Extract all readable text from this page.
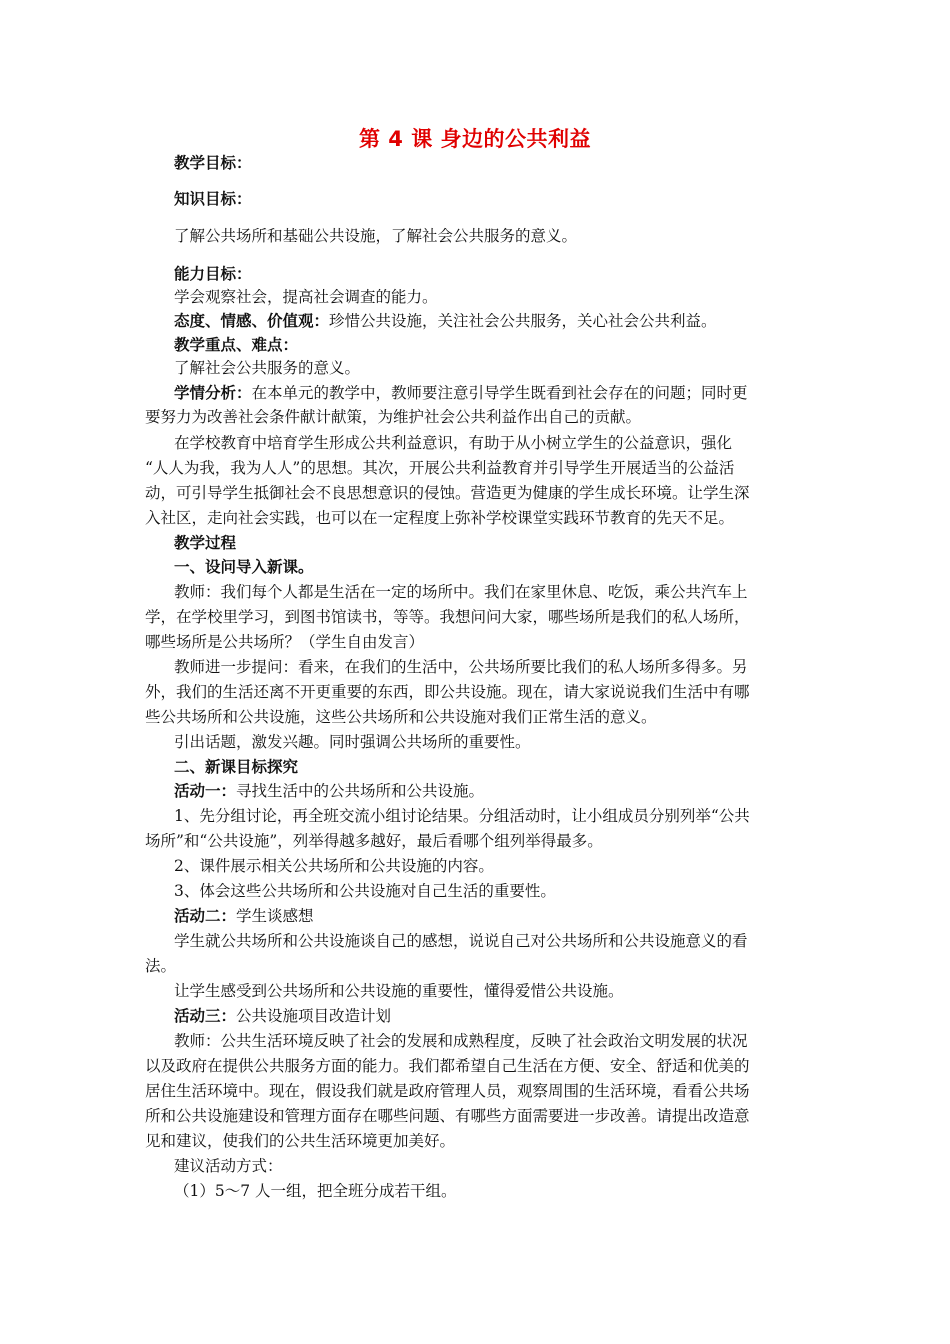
第 4 课 身边的公共利益
教学目标：
知识目标：
了解公共场所和基础公共设施，了解社会公共服务的意义。
能力目标：
学会观察社会，提高社会调查的能力。
态度、情感、价值观：珍惜公共设施，关注社会公共服务，关心社会公共利益。
教学重点、难点：
了解社会公共服务的意义。
学情分析：在本单元的教学中，教师要注意引导学生既看到社会存在的问题；同时更
要努力为改善社会条件献计献策，为维护社会公共利益作出自己的贡献。
在学校教育中培育学生形成公共利益意识，有助于从小树立学生的公益意识，强化
“人人为我，我为人人”的思想。其次，开展公共利益教育并引导学生开展适当的公益活
动，可引导学生抵御社会不良思想意识的侵蚀。营造更为健康的学生成长环境。让学生深
入社区，走向社会实践，也可以在一定程度上弥补学校课堂实践环节教育的先天不足。
教学过程
一、设问导入新课。
教师：我们每个人都是生活在一定的场所中。我们在家里休息、吃饭，乘公共汽车上
学，在学校里学习，到图书馆读书，等等。我想问问大家，哪些场所是我们的私人场所，
哪些场所是公共场所？（学生自由发言）
教师进一步提问：看来，在我们的生活中，公共场所要比我们的私人场所多得多。另
外，我们的生活还离不开更重要的东西，即公共设施。现在，请大家说说我们生活中有哪
些公共场所和公共设施，这些公共场所和公共设施对我们正常生活的意义。
引出话题，激发兴趣。同时强调公共场所的重要性。
二、新课目标探究
活动一：寻找生活中的公共场所和公共设施。
1、先分组讨论，再全班交流小组讨论结果。分组活动时，让小组成员分别列举“公共
场所”和“公共设施”，列举得越多越好，最后看哪个组列举得最多。
2、课件展示相关公共场所和公共设施的内容。
3、体会这些公共场所和公共设施对自己生活的重要性。
活动二：学生谈感想
学生就公共场所和公共设施谈自己的感想，说说自己对公共场所和公共设施意义的看
法。
让学生感受到公共场所和公共设施的重要性，懂得爱惜公共设施。
活动三：公共设施项目改造计划
教师：公共生活环境反映了社会的发展和成熟程度，反映了社会政治文明发展的状况
以及政府在提供公共服务方面的能力。我们都希望自己生活在方便、安全、舒适和优美的
居住生活环境中。现在，假设我们就是政府管理人员，观察周围的生活环境，看看公共场
所和公共设施建设和管理方面存在哪些问题、有哪些方面需要进一步改善。请提出改造意
见和建议，使我们的公共生活环境更加美好。
建议活动方式：
（1）5～7 人一组，把全班分成若干组。
